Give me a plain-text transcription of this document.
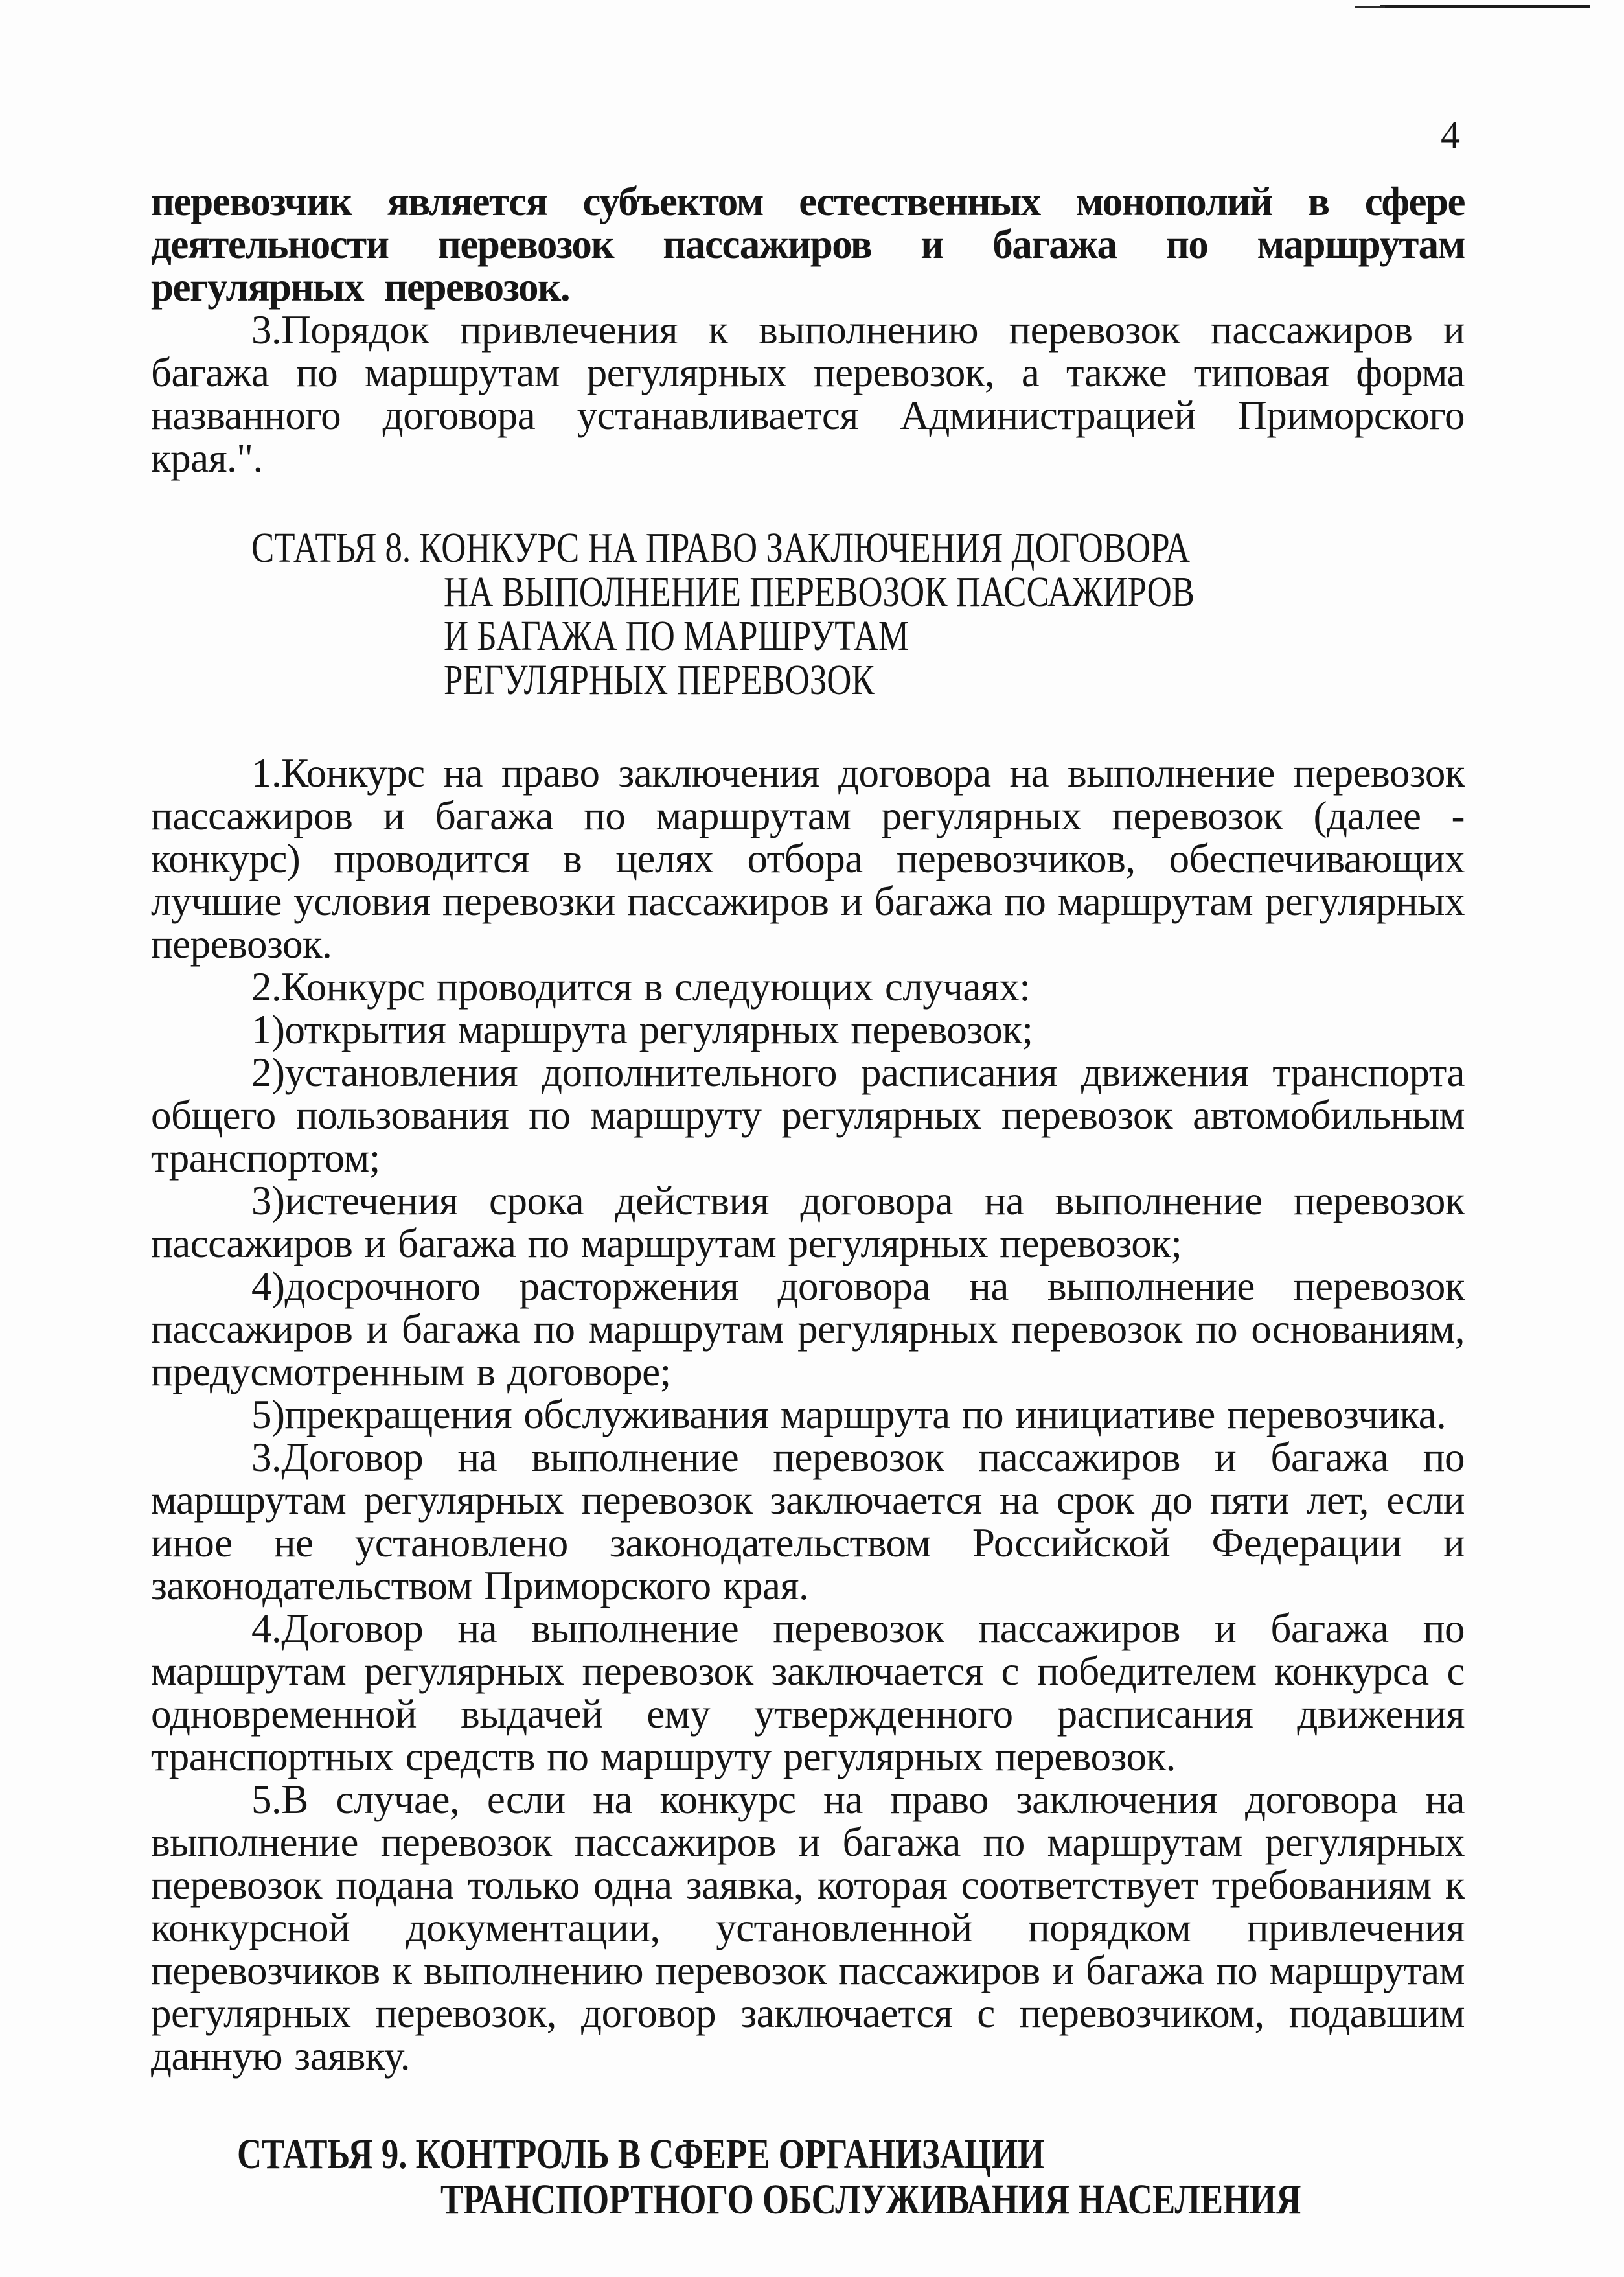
4

перевозчик является субъектом естественных монополий в сфере деятельности перевозок пассажиров и багажа по маршрутам регулярных перевозок.

3.Порядок привлечения к выполнению перевозок пассажиров и багажа по маршрутам регулярных перевозок, а также типовая форма названного договора устанавливается Администрацией Приморского края.".

СТАТЬЯ 8. КОНКУРС НА ПРАВО ЗАКЛЮЧЕНИЯ ДОГОВОРА
НА ВЫПОЛНЕНИЕ ПЕРЕВОЗОК ПАССАЖИРОВ
И БАГАЖА ПО МАРШРУТАМ
РЕГУЛЯРНЫХ ПЕРЕВОЗОК

1.Конкурс на право заключения договора на выполнение перевозок пассажиров и багажа по маршрутам регулярных перевозок (далее - конкурс) проводится в целях отбора перевозчиков, обеспечивающих лучшие условия перевозки пассажиров и багажа по маршрутам регулярных перевозок.

2.Конкурс проводится в следующих случаях:

1)открытия маршрута регулярных перевозок;

2)установления дополнительного расписания движения транспорта общего пользования по маршруту регулярных перевозок автомобильным транспортом;

3)истечения срока действия договора на выполнение перевозок пассажиров и багажа по маршрутам регулярных перевозок;

4)досрочного расторжения договора на выполнение перевозок пассажиров и багажа по маршрутам регулярных перевозок по основаниям, предусмотренным в договоре;

5)прекращения обслуживания маршрута по инициативе перевозчика.

3.Договор на выполнение перевозок пассажиров и багажа по маршрутам регулярных перевозок заключается на срок до пяти лет, если иное не установлено законодательством Российской Федерации и законодательством Приморского края.

4.Договор на выполнение перевозок пассажиров и багажа по маршрутам регулярных перевозок заключается с победителем конкурса с одновременной выдачей ему утвержденного расписания движения транспортных средств по маршруту регулярных перевозок.

5.В случае, если на конкурс на право заключения договора на выполнение перевозок пассажиров и багажа по маршрутам регулярных перевозок подана только одна заявка, которая соответствует требованиям к конкурсной документации, установленной порядком привлечения перевозчиков к выполнению перевозок пассажиров и багажа по маршрутам регулярных перевозок, договор заключается с перевозчиком, подавшим данную заявку.

СТАТЬЯ 9. КОНТРОЛЬ В СФЕРЕ ОРГАНИЗАЦИИ
ТРАНСПОРТНОГО ОБСЛУЖИВАНИЯ НАСЕЛЕНИЯ
